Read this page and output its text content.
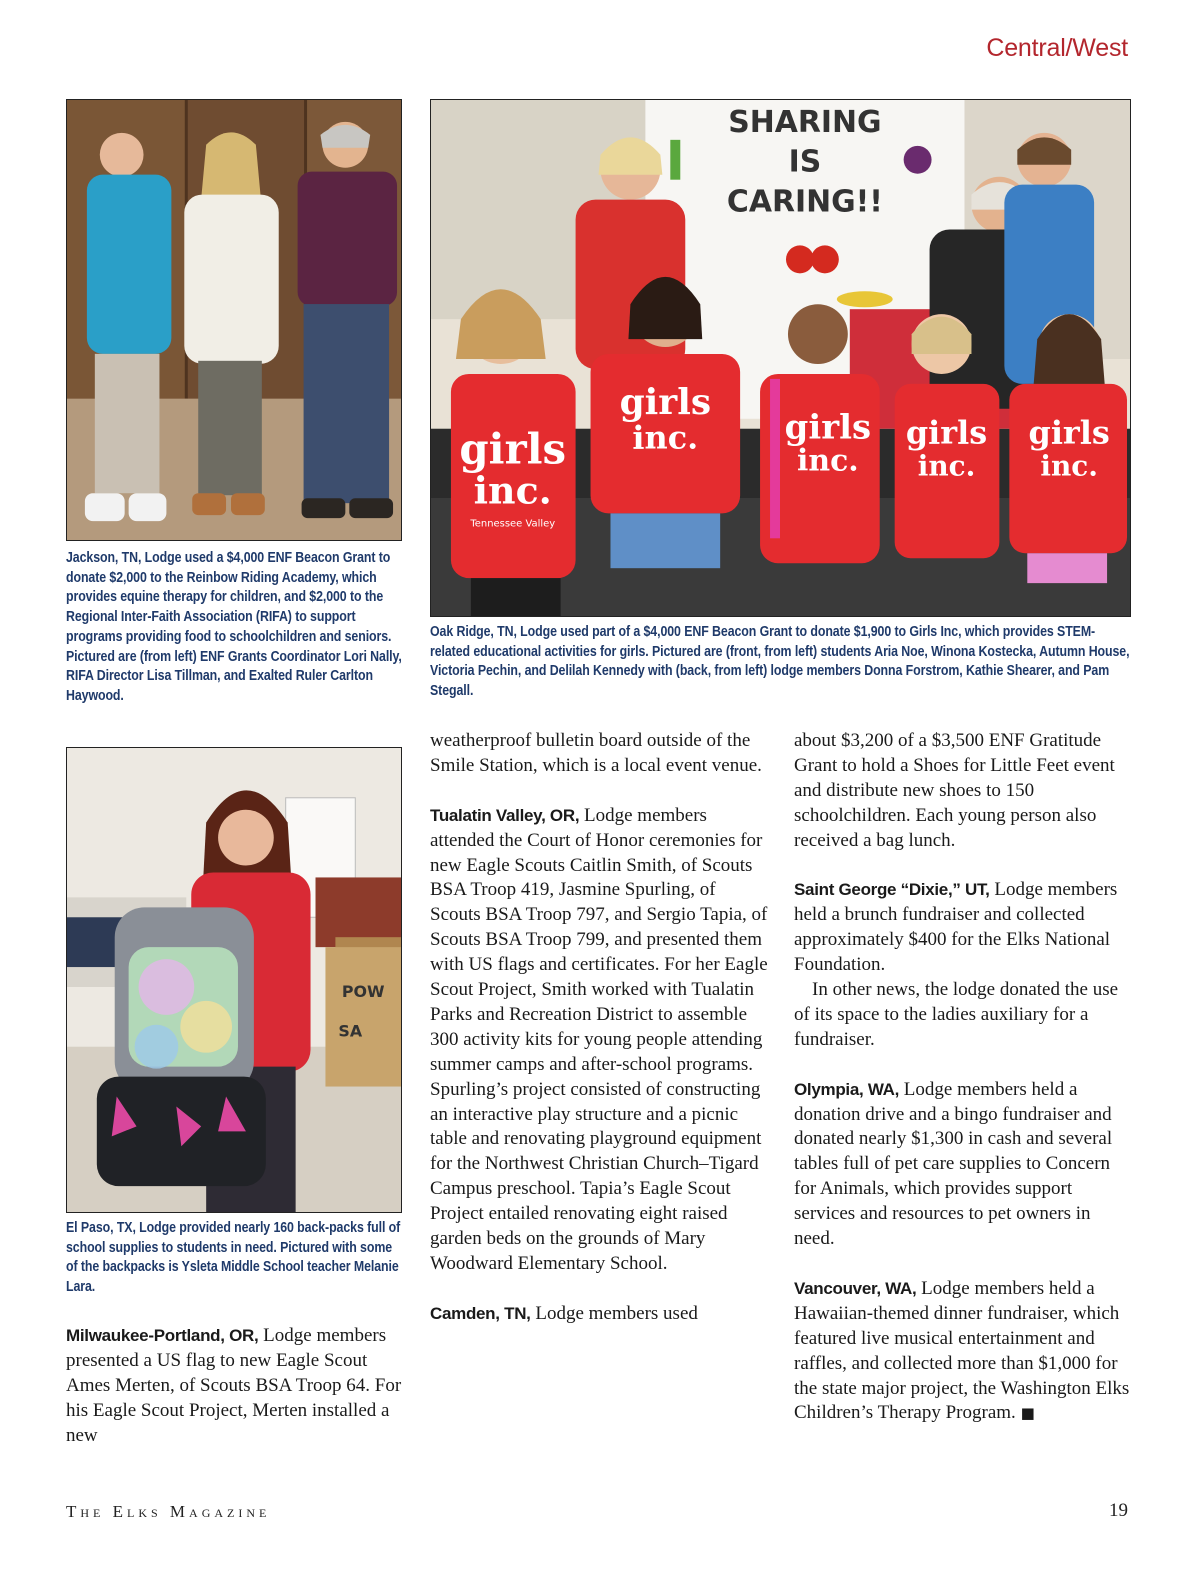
Central/West
SHARING
IS
CARING!!
girls
inc.
Tennessee Valley
girls
inc.	girls
inc.
girls
inc.
girls
inc.
Jackson, TN, Lodge used a $4,000 ENF Beacon Grant to donate $2,000 to the Reinbow Riding Academy, which provides equine therapy for children, and $2,000 to the Regional Inter-Faith Association (RIFA) to support programs providing food to schoolchildren and seniors. Pictured are (from left) ENF Grants Coordinator Lori Nally, RIFA Director Lisa Tillman, and Exalted Ruler Carlton Haywood.
Oak Ridge, TN, Lodge used part of a $4,000 ENF Beacon Grant to donate $1,900 to Girls Inc, which provides STEM-related educational activities for girls. Pictured are (front, from left) students Aria Noe, Winona Kostecka, Autumn House, Victoria Pechin, and Delilah Kennedy with (back, from left) lodge members Donna Forstrom, Kathie Shearer, and Pam Stegall.
POW
SA
El Paso, TX, Lodge provided nearly 160 back-packs full of school supplies to students in need. Pictured with some of the backpacks is Ysleta Middle School teacher Melanie Lara.

Milwaukee-Portland, OR, Lodge members presented a US flag to new Eagle Scout Ames Merten, of Scouts BSA Troop 64. For his Eagle Scout Project, Merten installed a new

weatherproof bulletin board outside of the Smile Station, which is a local event venue.

Tualatin Valley, OR, Lodge members attended the Court of Honor ceremonies for new Eagle Scouts Caitlin Smith, of Scouts BSA Troop 419, Jasmine Spurling, of Scouts BSA Troop 797, and Sergio Tapia, of Scouts BSA Troop 799, and presented them with US flags and certificates. For her Eagle Scout Project, Smith worked with Tualatin Parks and Recreation District to assemble 300 activity kits for young people attending summer camps and after-school programs. Spurling’s project consisted of constructing an interactive play structure and a picnic table and renovating playground equipment for the Northwest Christian Church–Tigard Campus preschool. Tapia’s Eagle Scout Project entailed renovating eight raised garden beds on the grounds of Mary Woodward Elementary School.

Camden, TN, Lodge members used

about $3,200 of a $3,500 ENF Gratitude Grant to hold a Shoes for Little Feet event and distribute new shoes to 150 schoolchildren. Each young person also received a bag lunch.

Saint George “Dixie,” UT, Lodge members held a brunch fundraiser and collected approximately $400 for the Elks National Foundation.

In other news, the lodge donated the use of its space to the ladies auxiliary for a fundraiser.

Olympia, WA, Lodge members held a donation drive and a bingo fundraiser and donated nearly $1,300 in cash and several tables full of pet care supplies to Concern for Animals, which provides support services and resources to pet owners in need.

Vancouver, WA, Lodge members held a Hawaiian-themed dinner fundraiser, which featured live musical entertainment and raffles, and collected more than $1,000 for the state major project, the Washington Elks Children’s Therapy Program. ■

The Elks Magazine	19
